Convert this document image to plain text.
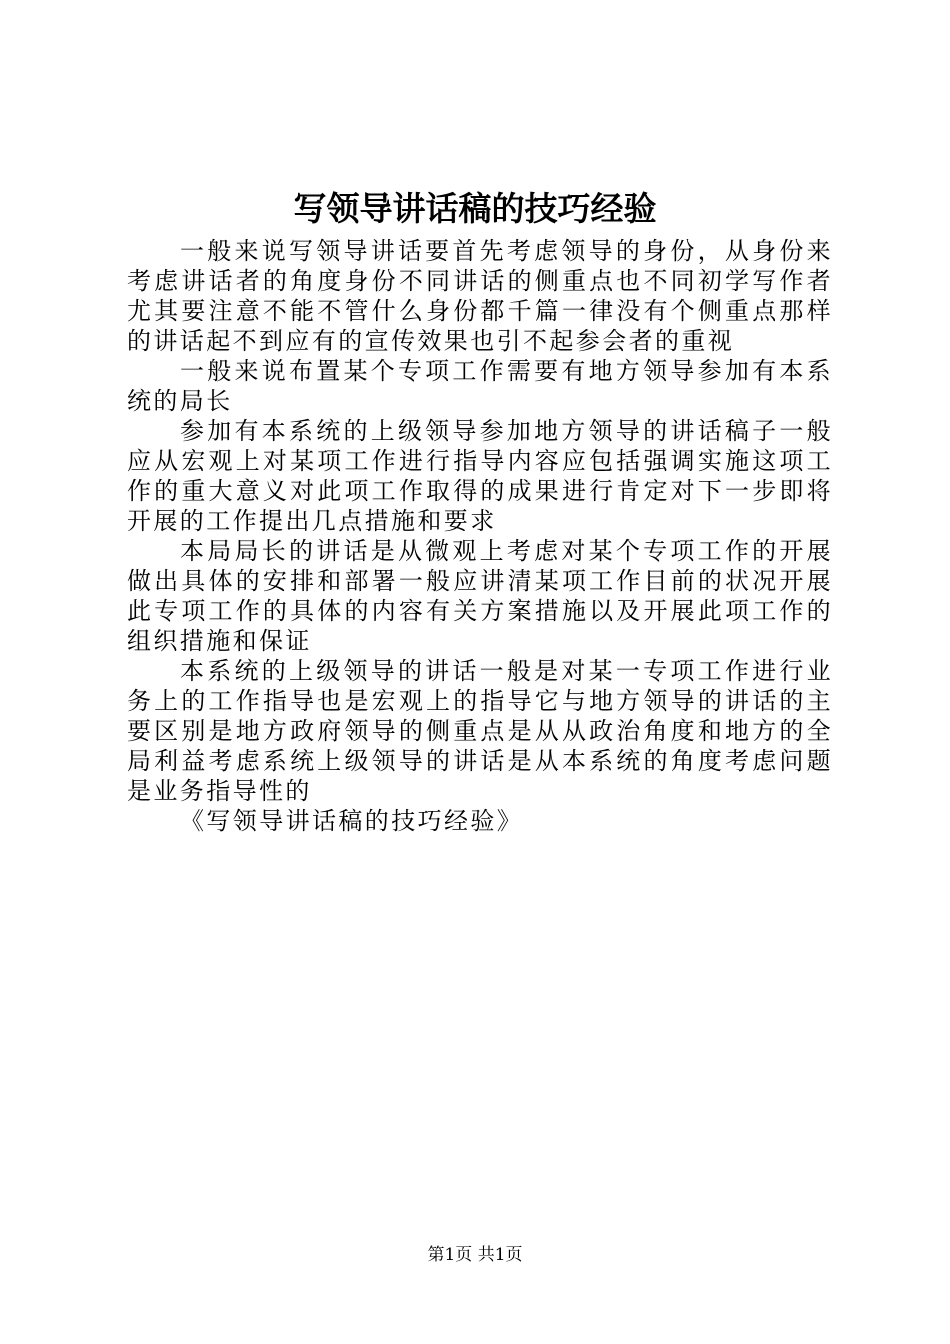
写领导讲话稿的技巧经验

一般来说写领导讲话要首先考虑领导的身份，从身份来考虑讲话者的角度身份不同讲话的侧重点也不同初学写作者尤其要注意不能不管什么身份都千篇一律没有个侧重点那样的讲话起不到应有的宣传效果也引不起参会者的重视

一般来说布置某个专项工作需要有地方领导参加有本系统的局长

参加有本系统的上级领导参加地方领导的讲话稿子一般应从宏观上对某项工作进行指导内容应包括强调实施这项工作的重大意义对此项工作取得的成果进行肯定对下一步即将开展的工作提出几点措施和要求

本局局长的讲话是从微观上考虑对某个专项工作的开展做出具体的安排和部署一般应讲清某项工作目前的状况开展此专项工作的具体的内容有关方案措施以及开展此项工作的组织措施和保证

本系统的上级领导的讲话一般是对某一专项工作进行业务上的工作指导也是宏观上的指导它与地方领导的讲话的主要区别是地方政府领导的侧重点是从从政治角度和地方的全局利益考虑系统上级领导的讲话是从本系统的角度考虑问题是业务指导性的

《写领导讲话稿的技巧经验》

第1页 共1页
